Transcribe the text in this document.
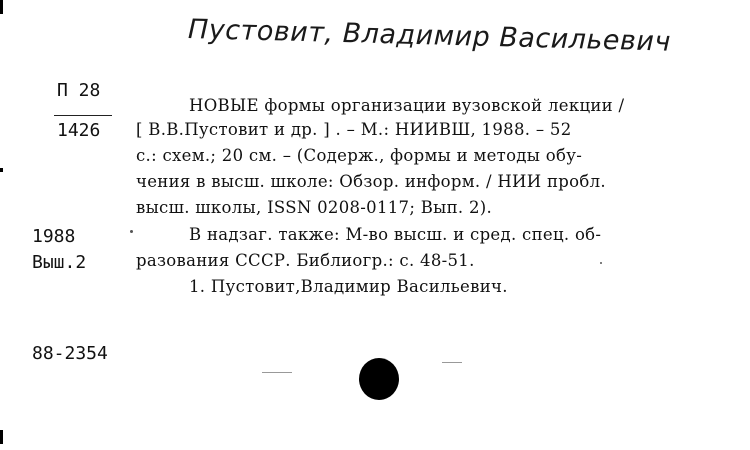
Пустовит, Владимир Васильевич
П 28
1426
1988
Выш.2
88-2354
НОВЫЕ формы организации вузовской лекции /
[ В.В.Пустовит и др. ] . – М.: НИИВШ, 1988. – 52
с.: схем.; 20 см. – (Содерж., формы и методы обу-
чения в высш. школе: Обзор. информ. / НИИ пробл.
высш. школы, ISSN 0208-0117; Вып. 2).
В надзаг. также: М-во высш. и сред. спец. об-
разования СССР. Библиогр.: с. 48-51.
1. Пустовит,Владимир Васильевич.
